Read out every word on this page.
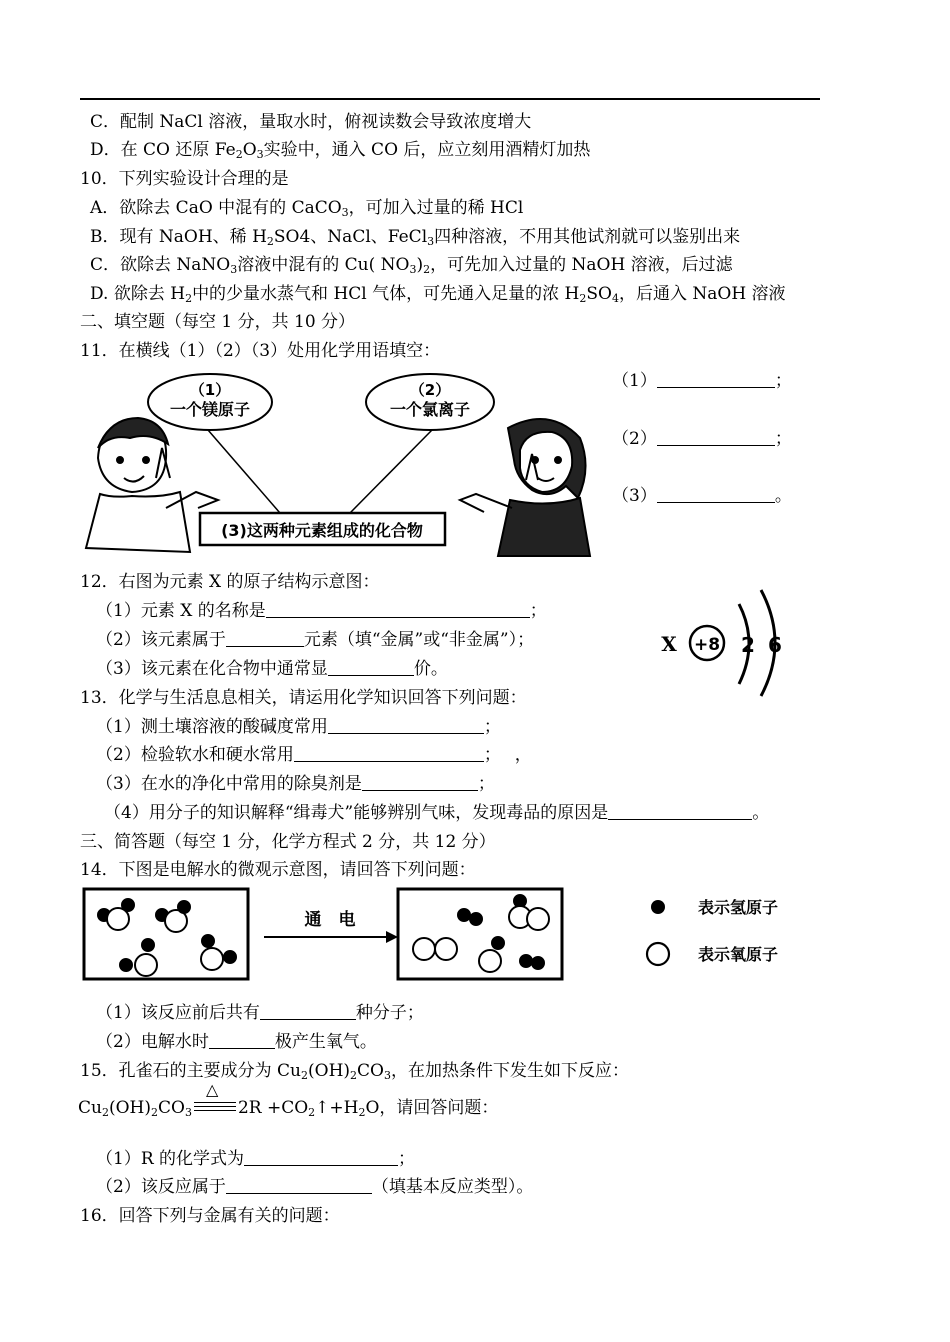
C．配制 NaCl 溶液，量取水时，俯视读数会导致浓度增大
D．在 CO 还原 $Fe_2O_3$实验中，通入 CO 后，应立刻用酒精灯加热
10．下列实验设计合理的是
A．欲除去 CaO 中混有的 CaCO$_3$，可加入过量的稀 HCl
B．现有 NaOH、稀 $H_2SO4$、NaCl、FeCl$_3$四种溶液，不用其他试剂就可以鉴别出来
C．欲除去 NaNO$_3$溶液中混有的 Cu( $NO_3)_2$，可先加入过量的 NaOH 溶液，后过滤
D. 欲除去 $H_2$中的少量水蒸气和 HCl 气体，可先通入足量的浓 $H_2SO_4$，后通入 NaOH 溶液
二、填空题（每空 1 分，共 10 分）
11．在横线（1）（2）（3）处用化学用语填空：
（1）
一个镁原子
（2）
一个氯离子
(3)这两种元素组成的化合物
（1）	；
（2）	；
（3）	。
12．右图为元素 X 的原子结构示意图：
（1）元素 X 的名称是	；
（2）该元素属于	元素（填“金属”或“非金属”）；
（3）该元素在化合物中通常显	价。
X +8 2 6
13．化学与生活息息相关，请运用化学知识回答下列问题：
（1）测土壤溶液的酸碱度常用	；
（2）检验软水和硬水常用	；　 ，
（3）在水的净化中常用的除臭剂是	；
（4）用分子的知识解释“缉毒犬”能够辨别气味，发现毒品的原因是	。
三、简答题（每空 1 分，化学方程式 2 分，共 12 分）
14．下图是电解水的微观示意图，请回答下列问题：
通　电
表示氢原子
表示氧原子
（1）该反应前后共有	种分子；
（2）电解水时	极产生氧气。
15．孔雀石的主要成分为 $Cu_2(OH)_2CO_3$，在加热条件下发生如下反应：
$Cu_2(OH)_2CO_3$
△
$2R +CO_2↑+H_2O$，请回答问题：
（1）R 的化学式为	；
（2）该反应属于	（填基本反应类型）。
16．回答下列与金属有关的问题：
